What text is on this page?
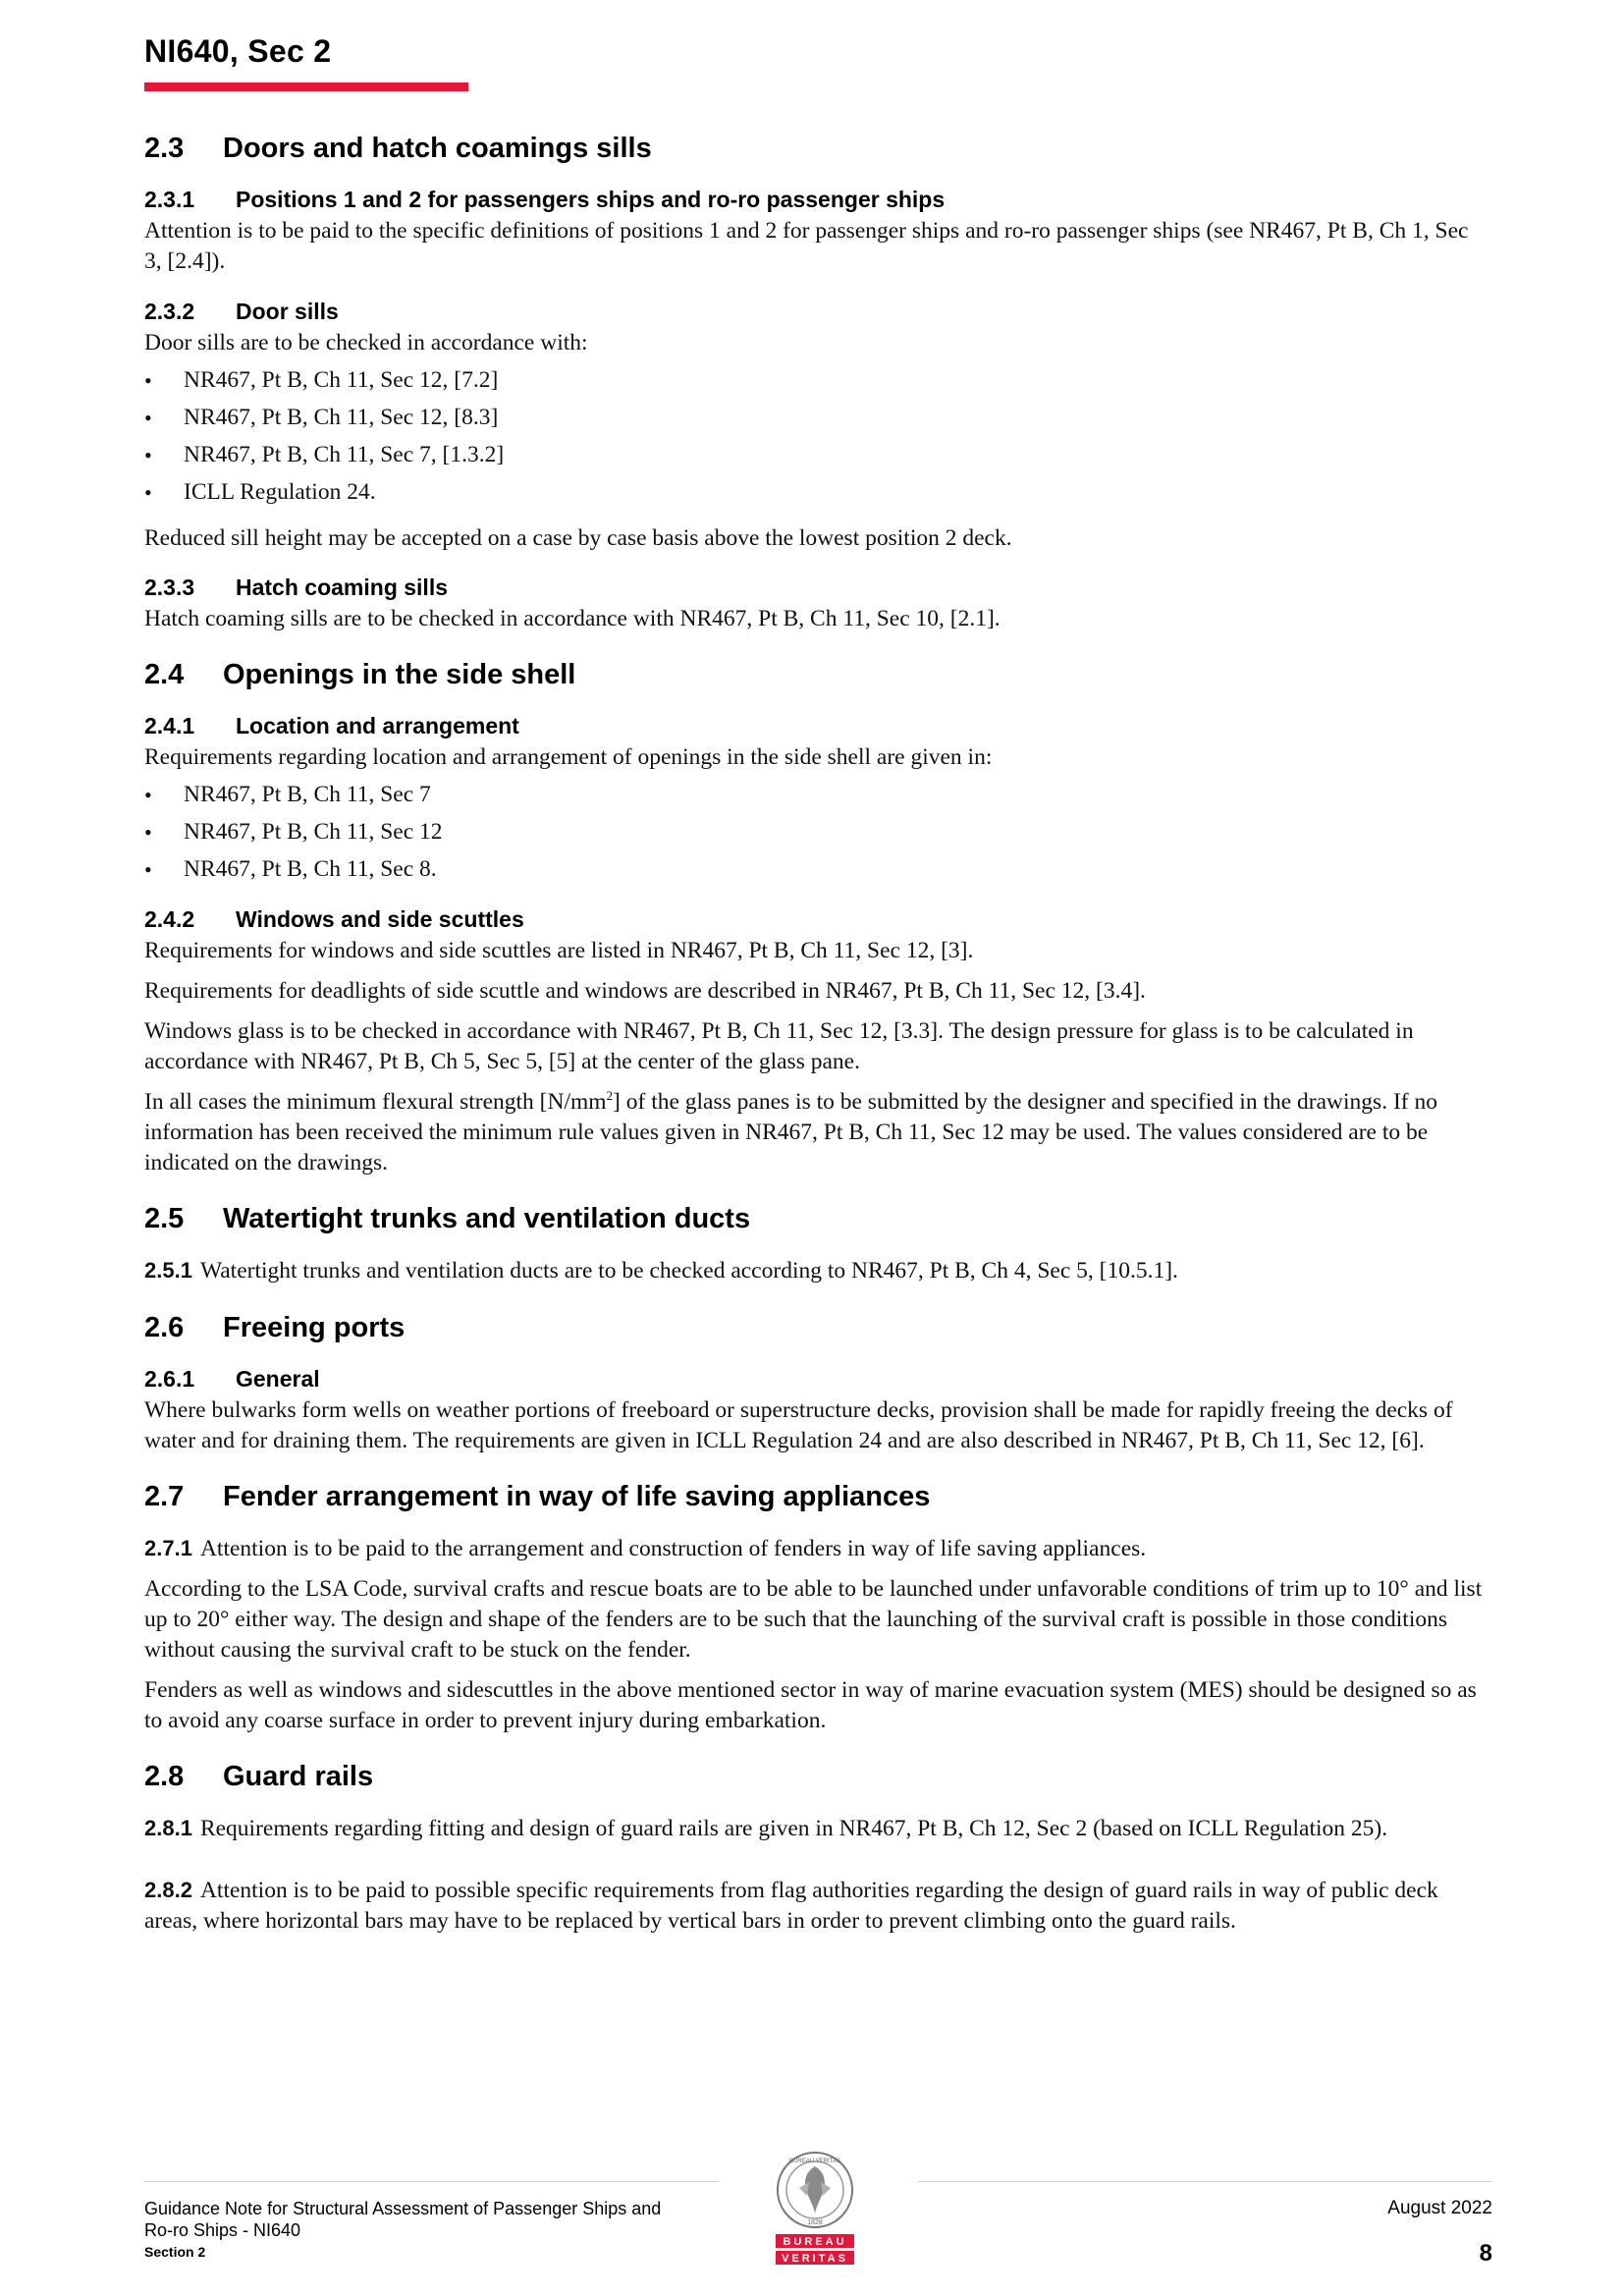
NI640, Sec 2
2.3	Doors and hatch coamings sills
2.3.1	Positions 1 and 2 for passengers ships and ro-ro passenger ships

Attention is to be paid to the specific definitions of positions 1 and 2 for passenger ships and ro-ro passenger ships (see NR467, Pt B, Ch 1, Sec 3, [2.4]).

2.3.2	Door sills

Door sills are to be checked in accordance with:

•	NR467, Pt B, Ch 11, Sec 12, [7.2]
•	NR467, Pt B, Ch 11, Sec 12, [8.3]
•	NR467, Pt B, Ch 11, Sec 7, [1.3.2]
•	ICLL Regulation 24.

Reduced sill height may be accepted on a case by case basis above the lowest position 2 deck.

2.3.3	Hatch coaming sills

Hatch coaming sills are to be checked in accordance with NR467, Pt B, Ch 11, Sec 10, [2.1].

2.4	Openings in the side shell
2.4.1	Location and arrangement

Requirements regarding location and arrangement of openings in the side shell are given in:

•	NR467, Pt B, Ch 11, Sec 7
•	NR467, Pt B, Ch 11, Sec 12
•	NR467, Pt B, Ch 11, Sec 8.
2.4.2	Windows and side scuttles

Requirements for windows and side scuttles are listed in NR467, Pt B, Ch 11, Sec 12, [3].

Requirements for deadlights of side scuttle and windows are described in NR467, Pt B, Ch 11, Sec 12, [3.4].

Windows glass is to be checked in accordance with NR467, Pt B, Ch 11, Sec 12, [3.3]. The design pressure for glass is to be calculated in accordance with NR467, Pt B, Ch 5, Sec 5, [5] at the center of the glass pane.

In all cases the minimum flexural strength $[N/mm^2]$ of the glass panes is to be submitted by the designer and specified in the drawings. If no information has been received the minimum rule values given in NR467, Pt B, Ch 11, Sec 12 may be used. The values considered are to be indicated on the drawings.

2.5	Watertight trunks and ventilation ducts

2.5.1 Watertight trunks and ventilation ducts are to be checked according to NR467, Pt B, Ch 4, Sec 5, [10.5.1].

2.6	Freeing ports
2.6.1	General

Where bulwarks form wells on weather portions of freeboard or superstructure decks, provision shall be made for rapidly freeing the decks of water and for draining them. The requirements are given in ICLL Regulation 24 and are also described in NR467, Pt B, Ch 11, Sec 12, [6].

2.7	Fender arrangement in way of life saving appliances

2.7.1 Attention is to be paid to the arrangement and construction of fenders in way of life saving appliances.

According to the LSA Code, survival crafts and rescue boats are to be able to be launched under unfavorable conditions of trim up to 10° and list up to 20° either way. The design and shape of the fenders are to be such that the launching of the survival craft is possible in those conditions without causing the survival craft to be stuck on the fender.

Fenders as well as windows and sidescuttles in the above mentioned sector in way of marine evacuation system (MES) should be designed so as to avoid any coarse surface in order to prevent injury during embarkation.

2.8	Guard rails

2.8.1 Requirements regarding fitting and design of guard rails are given in NR467, Pt B, Ch 12, Sec 2 (based on ICLL Regulation 25).

2.8.2 Attention is to be paid to possible specific requirements from flag authorities regarding the design of guard rails in way of public deck areas, where horizontal bars may have to be replaced by vertical bars in order to prevent climbing onto the guard rails.

Guidance Note for Structural Assessment of Passenger Ships and
Ro-ro Ships - NI640
Section 2
BUREAU VERITAS
1828
BUREAU
VERITAS
August 2022
8
